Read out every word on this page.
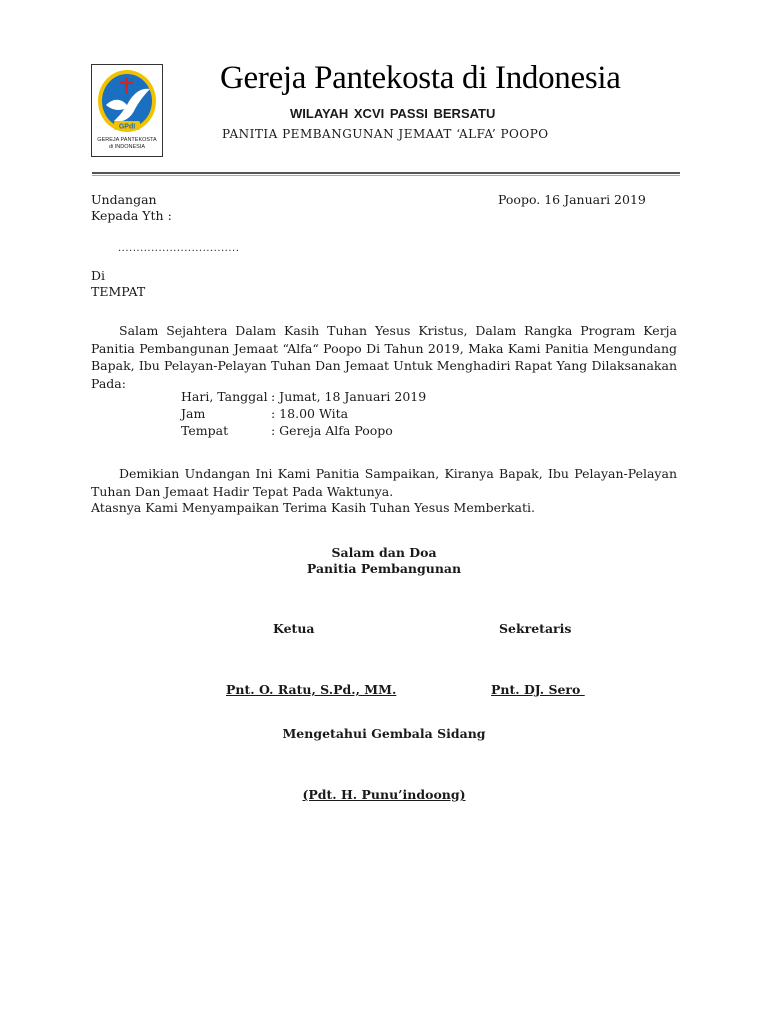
GPdI
GEREJA PANTEKOSTA
di INDONESIA
Gereja Pantekosta di Indonesia
WILAYAH XCVI PASSI BERSATU
PANITIA PEMBANGUNAN JEMAAT ‘ALFA’ POOPO
Undangan	Poopo. 16 Januari 2019
Kepada Yth :
.................................
Di
TEMPAT
Salam Sejahtera Dalam Kasih Tuhan Yesus Kristus, Dalam Rangka Program Kerja Panitia Pembangunan Jemaat “Alfa“ Poopo Di Tahun 2019, Maka Kami Panitia Mengundang Bapak, Ibu Pelayan-Pelayan Tuhan Dan Jemaat Untuk Menghadiri Rapat Yang Dilaksanakan Pada:
Hari, Tanggal : Jumat, 18 Januari 2019
Jam	: 18.00 Wita
Tempat	: Gereja Alfa Poopo
Demikian Undangan Ini Kami Panitia Sampaikan, Kiranya Bapak, Ibu Pelayan-Pelayan Tuhan Dan Jemaat Hadir Tepat Pada Waktunya.
Atasnya Kami Menyampaikan Terima Kasih Tuhan Yesus Memberkati.
Salam dan Doa
Panitia Pembangunan
Ketua	Sekretaris
Pnt. O. Ratu, S.Pd., MM.	Pnt. DJ. Sero
Mengetahui Gembala Sidang
(Pdt. H. Punu’indoong)
